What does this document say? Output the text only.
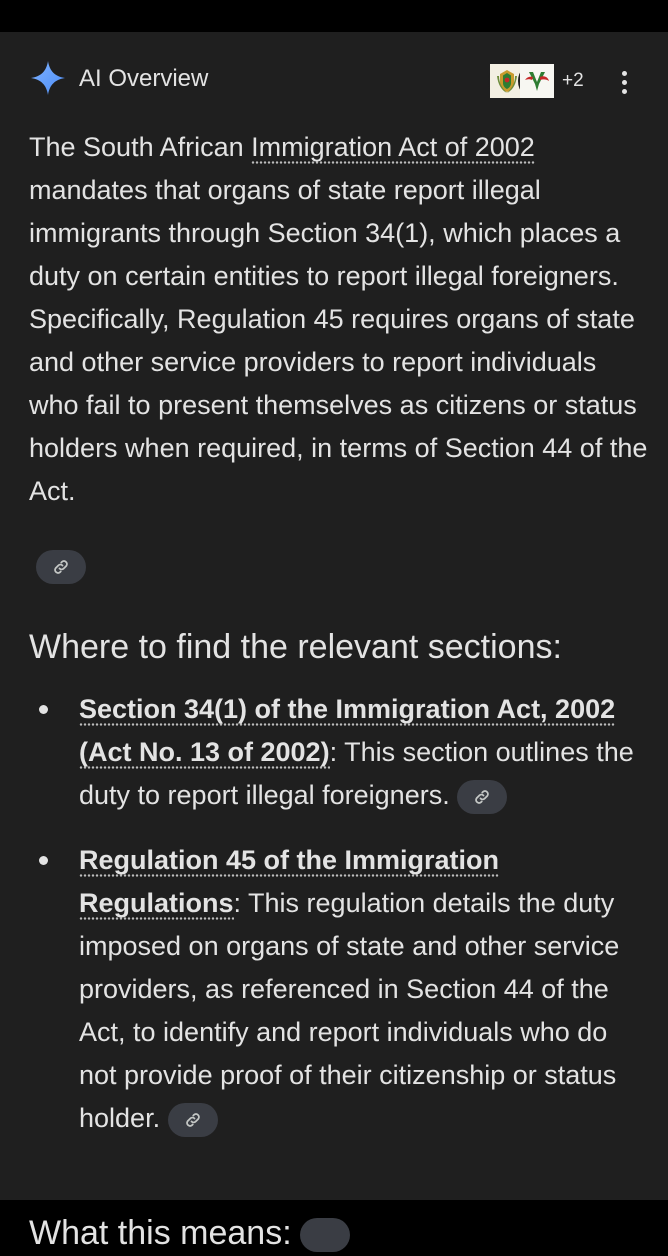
AI Overview	+2

The South African Immigration Act of 2002 mandates that organs of state report illegal immigrants through Section 34(1), which places a duty on certain entities to report illegal foreigners. Specifically, Regulation 45 requires organs of state and other service providers to report individuals who fail to present themselves as citizens or status holders when required, in terms of Section 44 of the Act.

Where to find the relevant sections:
Section 34(1) of the Immigration Act, 2002 (Act No. 13 of 2002): This section outlines the duty to report illegal foreigners.
Regulation 45 of the Immigration Regulations: This regulation details the duty imposed on organs of state and other service providers, as referenced in Section 44 of the Act, to identify and report individuals who do not provide proof of their citizenship or status holder.
What this means:
